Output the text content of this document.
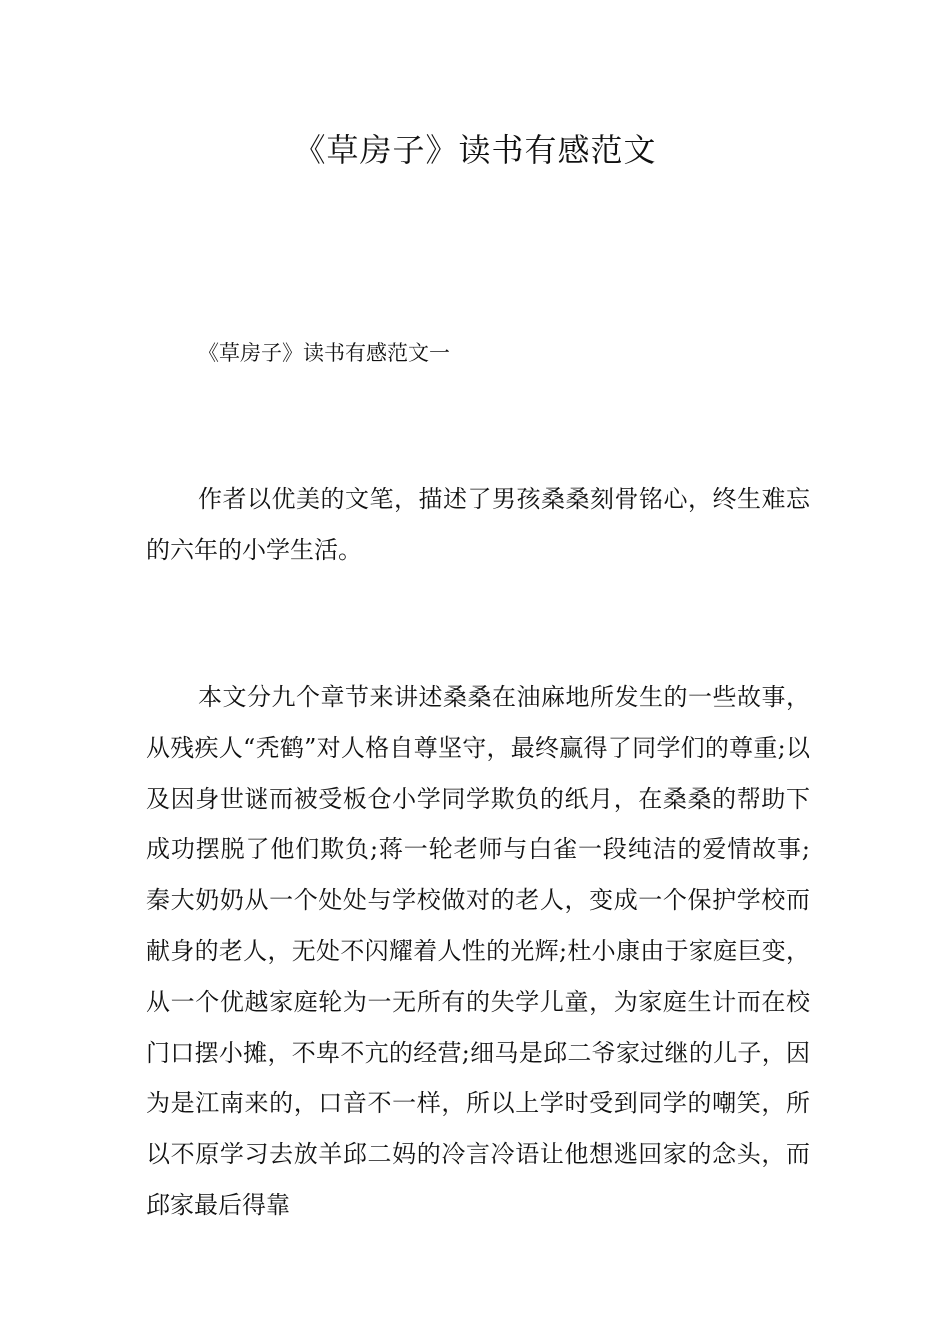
《草房子》读书有感范文

《草房子》读书有感范文一

作者以优美的文笔，描述了男孩桑桑刻骨铭心，终生难忘的六年的小学生活。

本文分九个章节来讲述桑桑在油麻地所发生的一些故事，从残疾人“秃鹤”对人格自尊坚守，最终赢得了同学们的尊重;以及因身世谜而被受板仓小学同学欺负的纸月，在桑桑的帮助下成功摆脱了他们欺负;蒋一轮老师与白雀一段纯洁的爱情故事;秦大奶奶从一个处处与学校做对的老人，变成一个保护学校而献身的老人，无处不闪耀着人性的光辉;杜小康由于家庭巨变，从一个优越家庭轮为一无所有的失学儿童，为家庭生计而在校门口摆小摊，不卑不亢的经营;细马是邱二爷家过继的儿子，因为是江南来的，口音不一样，所以上学时受到同学的嘲笑，所以不原学习去放羊邱二妈的冷言冷语让他想逃回家的念头，而邱家最后得靠
